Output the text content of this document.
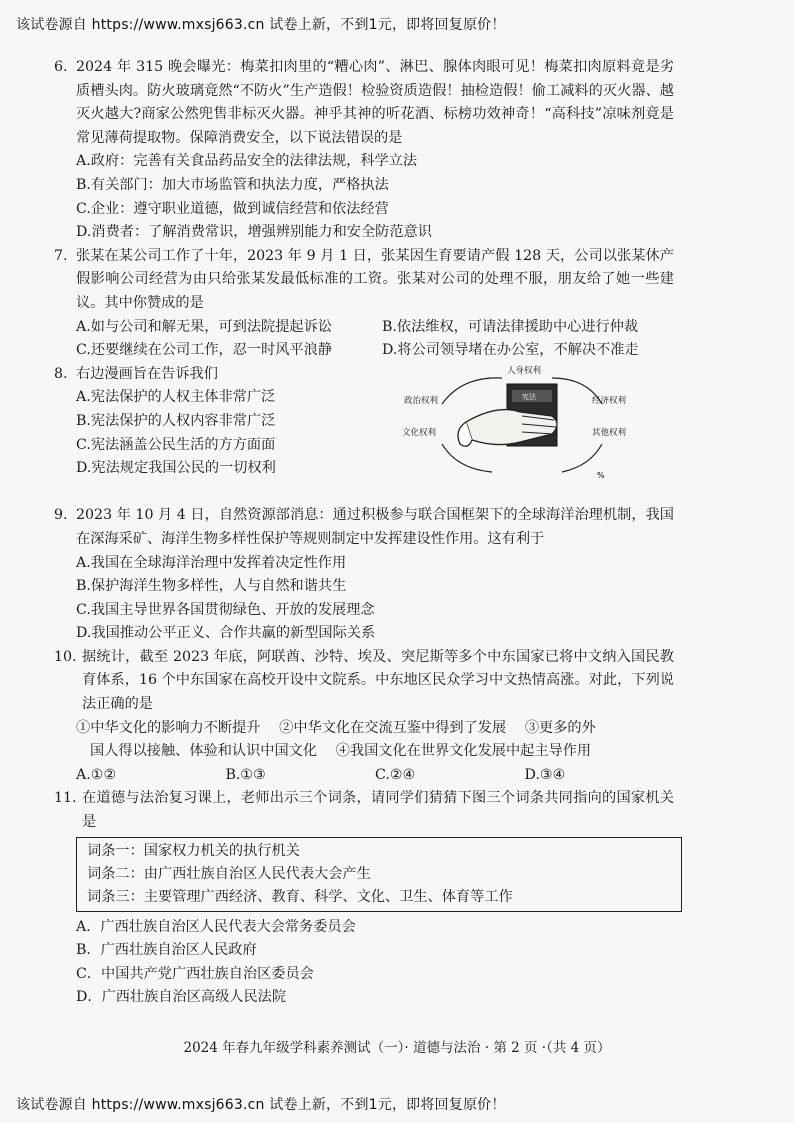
该试卷源自 https://www.mxsj663.cn 试卷上新，不到1元，即将回复原价！
6. 2024 年 315 晚会曝光：梅菜扣肉里的“糟心肉”、淋巴、腺体肉眼可见！梅菜扣肉原料竟是劣质槽头肉。防火玻璃竟然“不防火”生产造假！检验资质造假！抽检造假！偷工减料的灭火器、越灭火越大?商家公然兜售非标灭火器。神乎其神的听花酒、标榜功效神奇！“高科技”凉味剂竟是常见薄荷提取物。保障消费安全，以下说法错误的是
A.政府：完善有关食品药品安全的法律法规，科学立法
B.有关部门：加大市场监管和执法力度，严格执法
C.企业：遵守职业道德，做到诚信经营和依法经营
D.消费者：了解消费常识，增强辨别能力和安全防范意识
7. 张某在某公司工作了十年，2023 年 9 月 1 日，张某因生育要请产假 128 天，公司以张某休产假影响公司经营为由只给张某发最低标准的工资。张某对公司的处理不服，朋友给了她一些建议。其中你赞成的是
A.如与公司和解无果，可到法院提起诉讼	B.依法维权，可请法律援助中心进行仲裁
C.还要继续在公司工作，忍一时风平浪静	D.将公司领导堵在办公室，不解决不准走
8. 右边漫画旨在告诉我们
A.宪法保护的人权主体非常广泛
B.宪法保护的人权内容非常广泛
C.宪法涵盖公民生活的方方面面
D.宪法规定我国公民的一切权利	%
人身权利
政治权利
文化权利
经济权利
其他权利
宪法
9. 2023 年 10 月 4 日，自然资源部消息：通过积极参与联合国框架下的全球海洋治理机制，我国在深海采矿、海洋生物多样性保护等规则制定中发挥建设性作用。这有利于
A.我国在全球海洋治理中发挥着决定性作用
B.保护海洋生物多样性，人与自然和谐共生
C.我国主导世界各国贯彻绿色、开放的发展理念
D.我国推动公平正义、合作共赢的新型国际关系
10. 据统计，截至 2023 年底，阿联酋、沙特、埃及、突尼斯等多个中东国家已将中文纳入国民教育体系，16 个中东国家在高校开设中文院系。中东地区民众学习中文热情高涨。对此，下列说法正确的是
①中华文化的影响力不断提升　 ②中华文化在交流互鉴中得到了发展　 ③更多的外
国人得以接触、体验和认识中国文化　 ④我国文化在世界文化发展中起主导作用
A.①②	B.①③	C.②④	D.③④
11. 在道德与法治复习课上，老师出示三个词条，请同学们猜猜下图三个词条共同指向的国家机关是
词条一：国家权力机关的执行机关
词条二：由广西壮族自治区人民代表大会产生
词条三：主要管理广西经济、教育、科学、文化、卫生、体育等工作
A．广西壮族自治区人民代表大会常务委员会
B．广西壮族自治区人民政府
C．中国共产党广西壮族自治区委员会
D．广西壮族自治区高级人民法院
2024 年春九年级学科素养测试（一）· 道德与法治 · 第 2 页 ·（共 4 页）
该试卷源自 https://www.mxsj663.cn 试卷上新，不到1元，即将回复原价！
